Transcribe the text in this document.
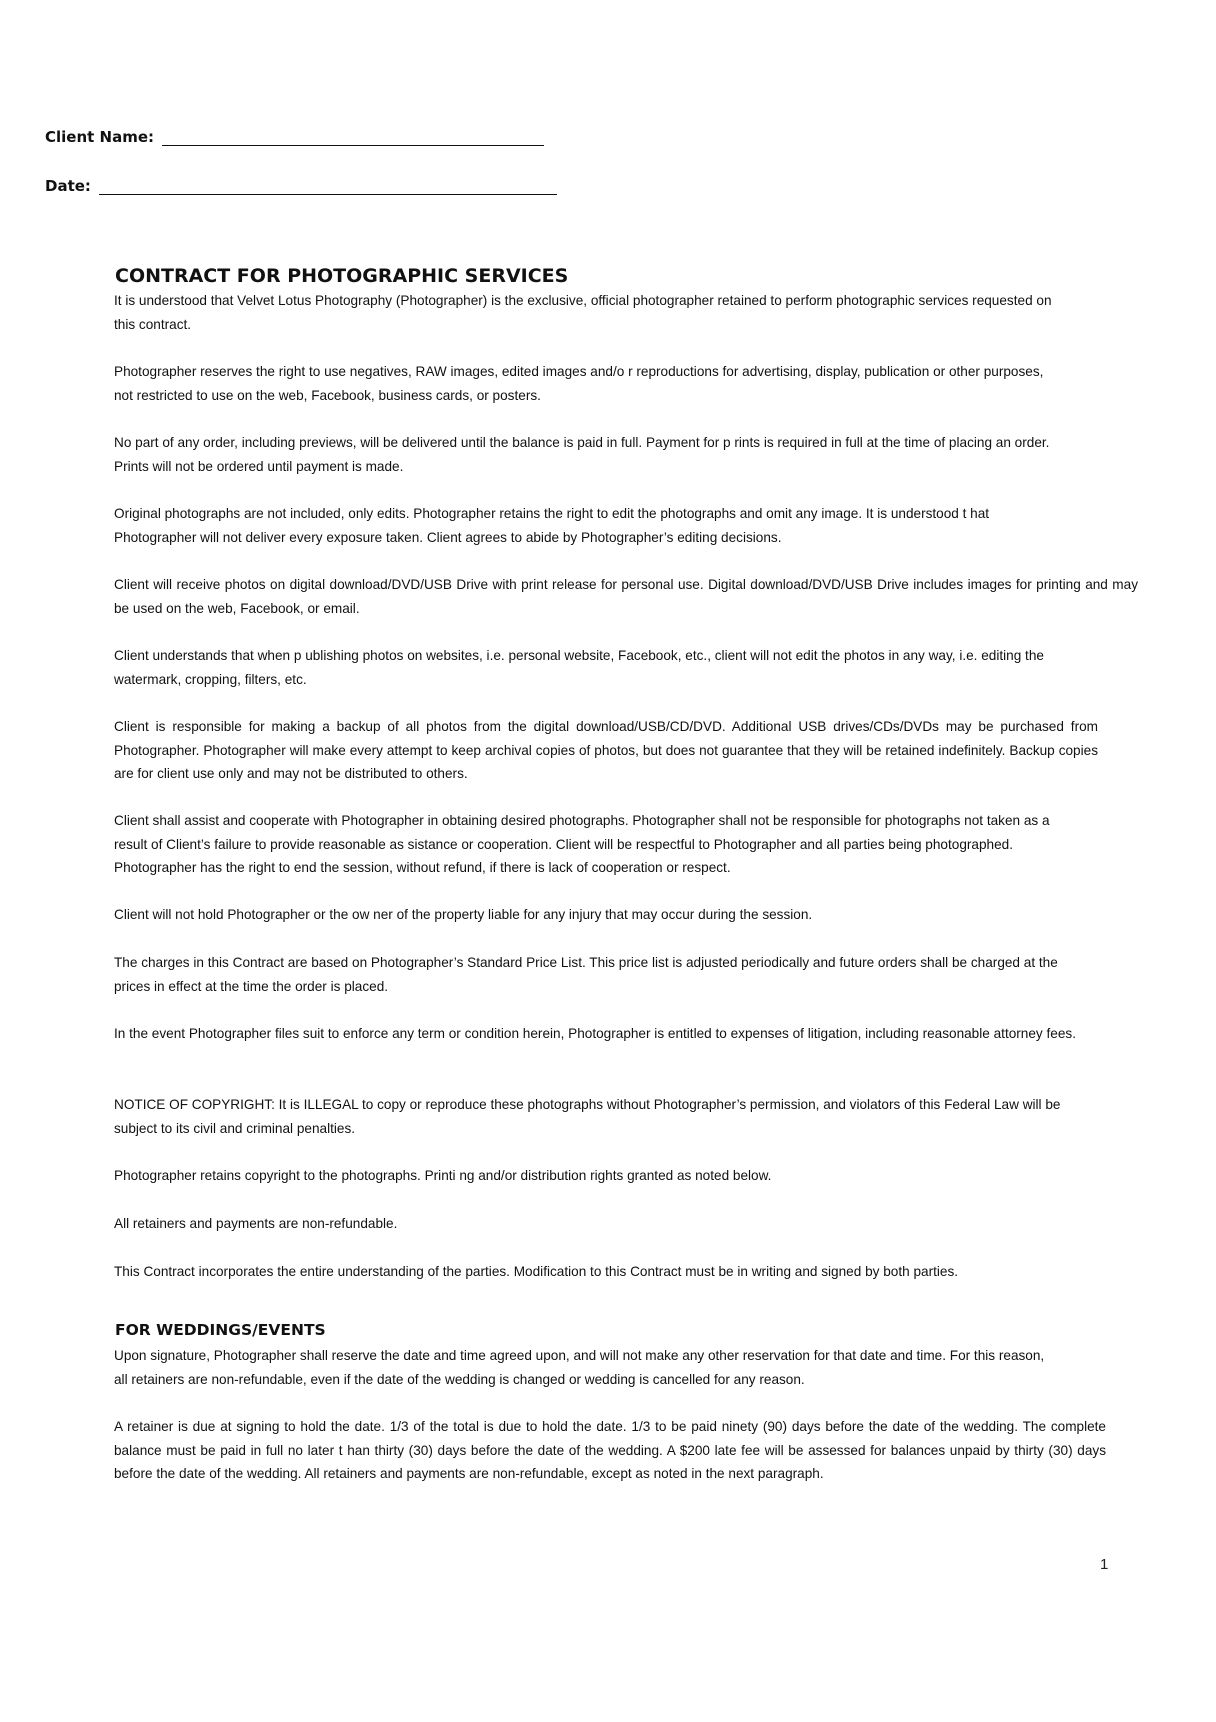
Client Name:
Date:
CONTRACT FOR PHOTOGRAPHIC SERVICES

It is understood that Velvet Lotus Photography (Photographer) is the exclusive, official photographer retained to perform photographic services requested on this contract.

Photographer reserves the right to use negatives, RAW images, edited images and/o r reproductions for advertising, display, publication or other purposes, not restricted to use on the web, Facebook, business cards, or posters.

No part of any order, including previews, will be delivered until the balance is paid in full. Payment for p rints is required in full at the time of placing an order. Prints will not be ordered until payment is made.

Original photographs are not included, only edits. Photographer retains the right to edit the photographs and omit any image. It is understood t hat Photographer will not deliver every exposure taken. Client agrees to abide by Photographer’s editing decisions.

Client will receive photos on digital download/DVD/USB Drive with print release for personal use. Digital download/DVD/USB Drive includes images for printing and may be used on the web, Facebook, or email.

Client understands that when p ublishing photos on websites, i.e. personal website, Facebook, etc., client will not edit the photos in any way, i.e. editing the watermark, cropping, filters, etc.

Client is responsible for making a backup of all photos from the digital download/USB/CD/DVD. Additional USB drives/CDs/DVDs may be purchased from Photographer. Photographer will make every attempt to keep archival copies of photos, but does not guarantee that they will be retained indefinitely. Backup copies are for client use only and may not be distributed to others.

Client shall assist and cooperate with Photographer in obtaining desired photographs. Photographer shall not be responsible for photographs not taken as a result of Client’s failure to provide reasonable as sistance or cooperation. Client will be respectful to Photographer and all parties being photographed. Photographer has the right to end the session, without refund, if there is lack of cooperation or respect.

Client will not hold Photographer or the ow ner of the property liable for any injury that may occur during the session.

The charges in this Contract are based on Photographer’s Standard Price List. This price list is adjusted periodically and future orders shall be charged at the prices in effect at the time the order is placed.

In the event Photographer files suit to enforce any term or condition herein, Photographer is entitled to expenses of litigation, including reasonable attorney fees.

NOTICE OF COPYRIGHT: It is ILLEGAL to copy or reproduce these photographs without Photographer’s permission, and violators of this Federal Law will be subject to its civil and criminal penalties.

Photographer retains copyright to the photographs. Printi ng and/or distribution rights granted as noted below.

All retainers and payments are non-refundable.

This Contract incorporates the entire understanding of the parties. Modification to this Contract must be in writing and signed by both parties.

FOR WEDDINGS/EVENTS

Upon signature, Photographer shall reserve the date and time agreed upon, and will not make any other reservation for that date and time. For this reason, all retainers are non-refundable, even if the date of the wedding is changed or wedding is cancelled for any reason.

A retainer is due at signing to hold the date. 1/3 of the total is due to hold the date. 1/3 to be paid ninety (90) days before the date of the wedding. The complete balance must be paid in full no later t han thirty (30) days before the date of the wedding. A $200 late fee will be assessed for balances unpaid by thirty (30) days before the date of the wedding. All retainers and payments are non-refundable, except as noted in the next paragraph.

1
